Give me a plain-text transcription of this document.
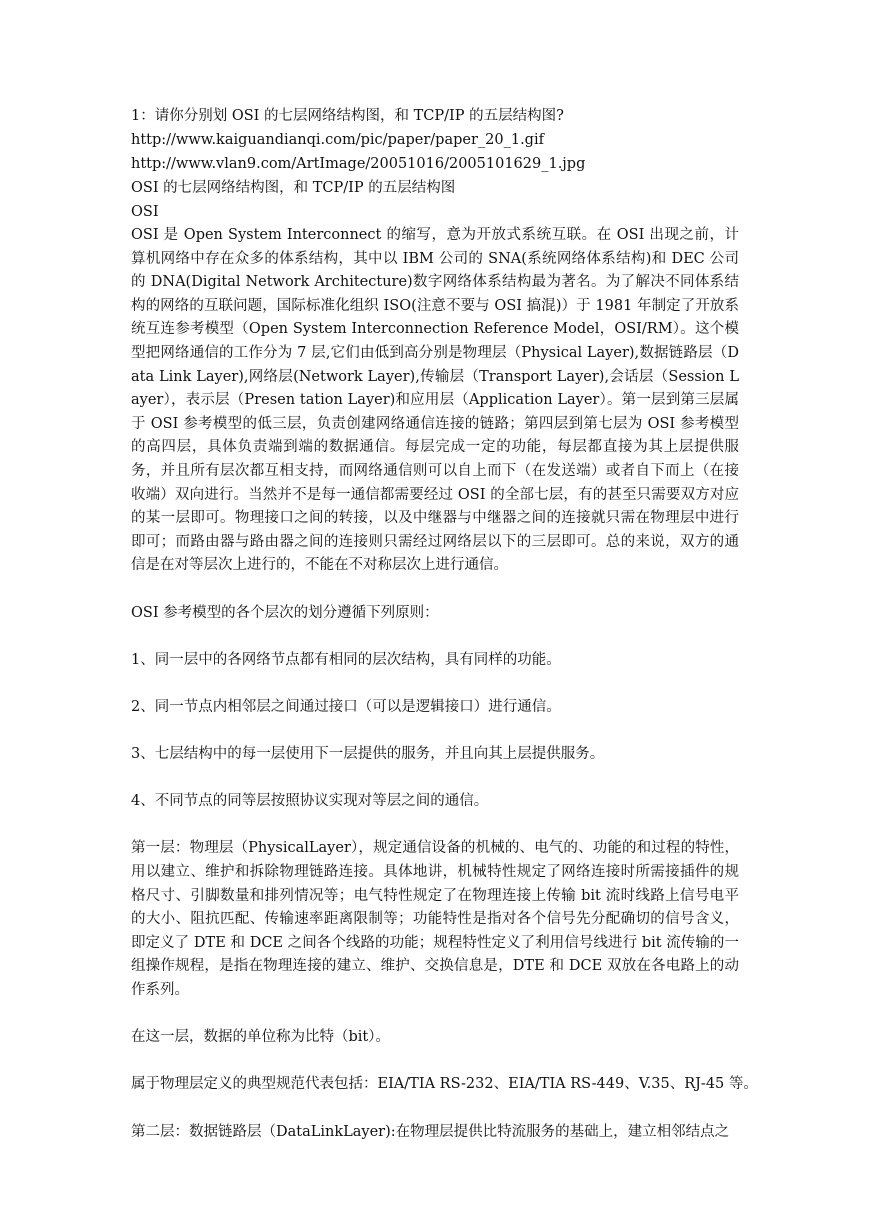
1：请你分别划 OSI 的七层网络结构图，和 TCP/IP 的五层结构图?

http://www.kaiguandianqi.com/pic/paper/paper_20_1.gif

http://www.vlan9.com/ArtImage/20051016/2005101629_1.jpg

OSI 的七层网络结构图，和 TCP/IP 的五层结构图

OSI

OSI 是 Open System Interconnect 的缩写，意为开放式系统互联。在 OSI 出现之前，计算机网络中存在众多的体系结构，其中以 IBM 公司的 SNA(系统网络体系结构)和 DEC 公司的 DNA(Digital Network Architecture)数字网络体系结构最为著名。为了解决不同体系结构的网络的互联问题，国际标准化组织 ISO(注意不要与 OSI 搞混)）于 1981 年制定了开放系统互连参考模型（Open System Interconnection Reference Model，OSI/RM）。这个模型把网络通信的工作分为 7 层,它们由低到高分别是物理层（Physical Layer),数据链路层（Data Link Layer),网络层(Network Layer),传输层（Transport Layer),会话层（Session Layer），表示层（Presen tation Layer)和应用层（Application Layer）。第一层到第三层属于 OSI 参考模型的低三层，负责创建网络通信连接的链路；第四层到第七层为 OSI 参考模型的高四层，具体负责端到端的数据通信。每层完成一定的功能，每层都直接为其上层提供服务，并且所有层次都互相支持，而网络通信则可以自上而下（在发送端）或者自下而上（在接收端）双向进行。当然并不是每一通信都需要经过 OSI 的全部七层，有的甚至只需要双方对应的某一层即可。物理接口之间的转接，以及中继器与中继器之间的连接就只需在物理层中进行即可；而路由器与路由器之间的连接则只需经过网络层以下的三层即可。总的来说，双方的通信是在对等层次上进行的，不能在不对称层次上进行通信。

OSI 参考模型的各个层次的划分遵循下列原则：

1、同一层中的各网络节点都有相同的层次结构，具有同样的功能。

2、同一节点内相邻层之间通过接口（可以是逻辑接口）进行通信。

3、七层结构中的每一层使用下一层提供的服务，并且向其上层提供服务。

4、不同节点的同等层按照协议实现对等层之间的通信。

第一层：物理层（PhysicalLayer），规定通信设备的机械的、电气的、功能的和过程的特性，用以建立、维护和拆除物理链路连接。具体地讲，机械特性规定了网络连接时所需接插件的规格尺寸、引脚数量和排列情况等；电气特性规定了在物理连接上传输 bit 流时线路上信号电平的大小、阻抗匹配、传输速率距离限制等；功能特性是指对各个信号先分配确切的信号含义，即定义了 DTE 和 DCE 之间各个线路的功能；规程特性定义了利用信号线进行 bit 流传输的一组操作规程，是指在物理连接的建立、维护、交换信息是，DTE 和 DCE 双放在各电路上的动作系列。

在这一层，数据的单位称为比特（bit）。

属于物理层定义的典型规范代表包括：EIA/TIA RS-232、EIA/TIA RS-449、V.35、RJ-45 等。

第二层：数据链路层（DataLinkLayer):在物理层提供比特流服务的基础上，建立相邻结点之
